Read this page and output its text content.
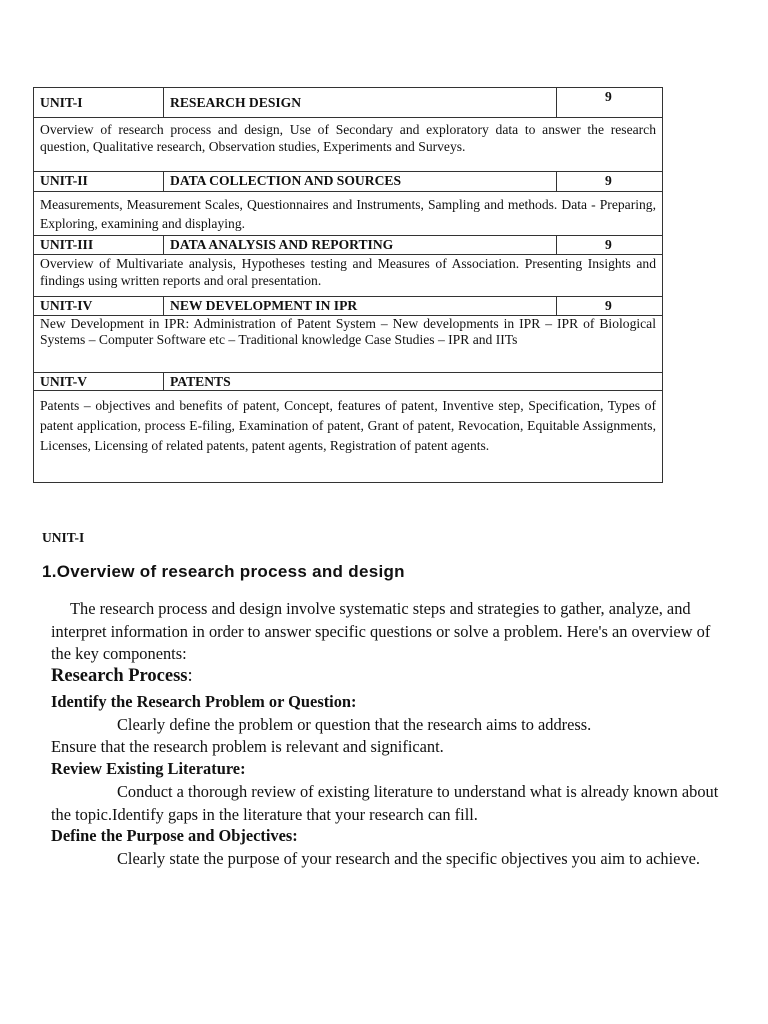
UNIT-I	RESEARCH DESIGN	9
Overview of research process and design, Use of Secondary and exploratory data to answer the research question, Qualitative research, Observation studies, Experiments and Surveys.		
UNIT-II	DATA COLLECTION AND SOURCES	9
Measurements, Measurement Scales, Questionnaires and Instruments, Sampling and methods. Data - Preparing, Exploring, examining and displaying.		
UNIT-III	DATA ANALYSIS AND REPORTING	9
Overview of Multivariate analysis, Hypotheses testing and Measures of Association. Presenting Insights and findings using written reports and oral presentation.		
UNIT-IV	NEW DEVELOPMENT IN IPR	9
New Development in IPR: Administration of Patent System – New developments in IPR – IPR of Biological Systems – Computer Software etc – Traditional knowledge Case Studies – IPR and IITs		
UNIT-V	PATENTS	
Patents – objectives and benefits of patent, Concept, features of patent, Inventive step, Specification, Types of patent application, process E-filing, Examination of patent, Grant of patent, Revocation, Equitable Assignments, Licenses, Licensing of related patents, patent agents, Registration of patent agents.		
UNIT-I
1.Overview of research process and design
The research process and design involve systematic steps and strategies to gather, analyze, and interpret information in order to answer specific questions or solve a problem. Here's an overview of the key components:
Research Process:
Identify the Research Problem or Question:
Clearly define the problem or question that the research aims to address.
Ensure that the research problem is relevant and significant.
Review Existing Literature:
Conduct a thorough review of existing literature to understand what is already known about the topic.Identify gaps in the literature that your research can fill.
Define the Purpose and Objectives:
Clearly state the purpose of your research and the specific objectives you aim to achieve.
